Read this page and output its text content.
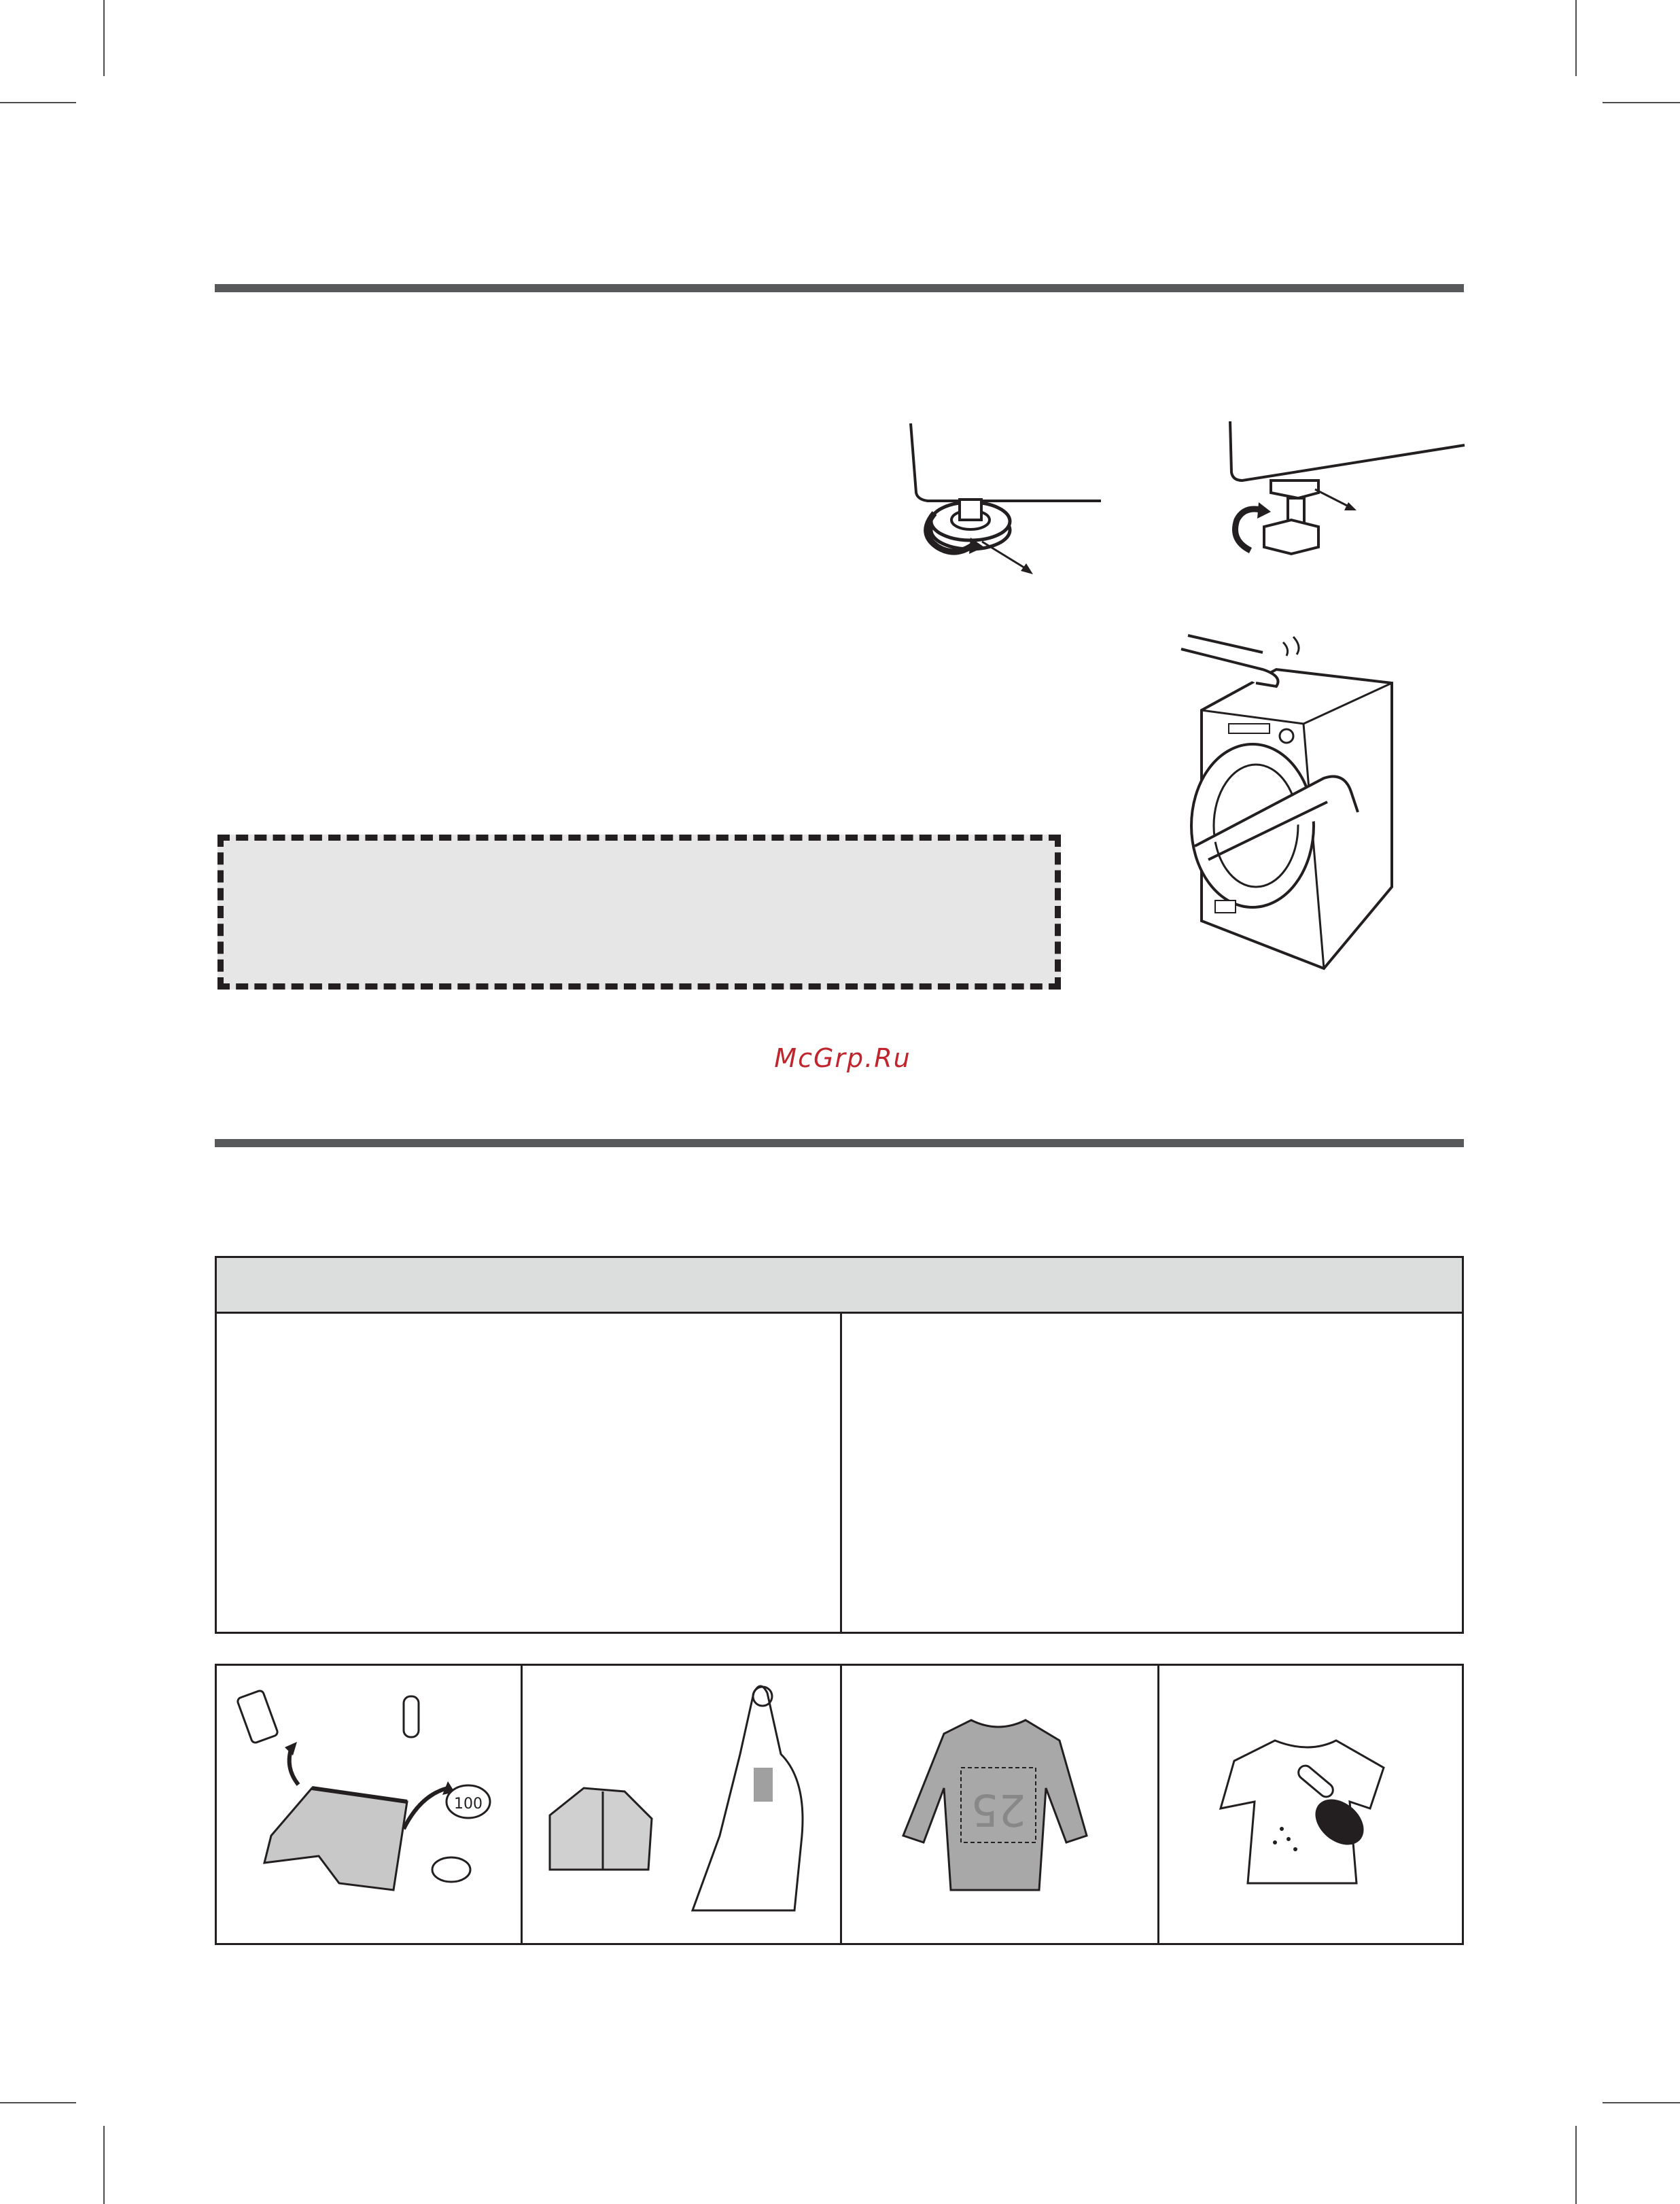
McGrp.Ru
100	25
